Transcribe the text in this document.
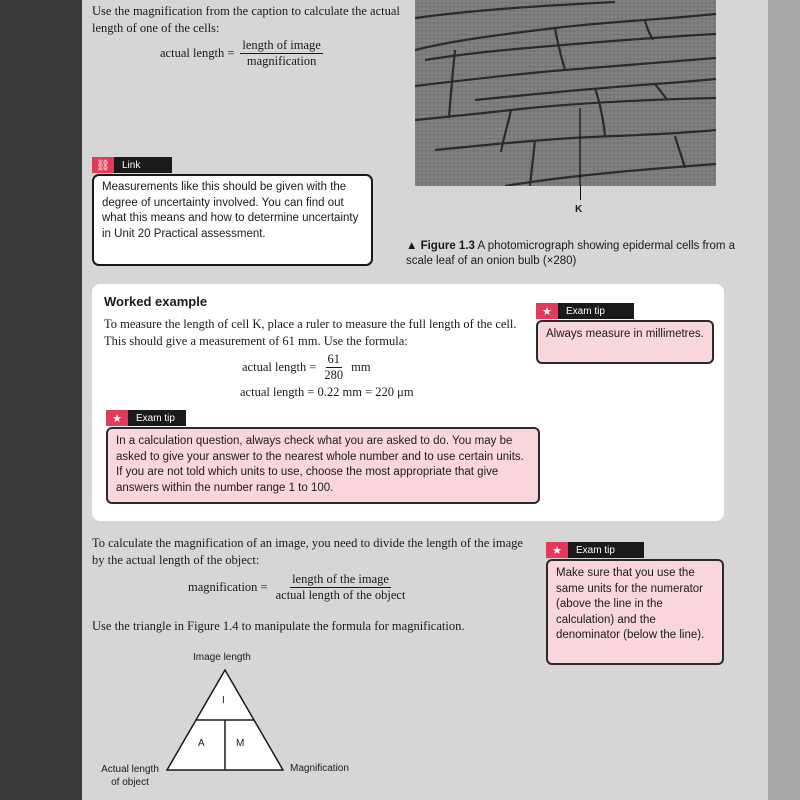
Use the magnification from the caption to calculate the actual length of one of the cells:
actual length = $\frac{\text{length of image}}{\text{magnification}}$
K
▲ Figure 1.3 A photomicrograph showing epidermal cells from a scale leaf of an onion bulb (×280)
⛓	Link
Measurements like this should be given with the degree of uncertainty involved. You can find out what this means and how to determine uncertainty in Unit 20 Practical assessment.
Worked example
To measure the length of cell K, place a ruler to measure the full length of the cell. This should give a measurement of 61 mm. Use the formula:
actual length = $\frac{61}{280}$ mm
actual length = 0.22 mm = 220 μm
★	Exam tip
In a calculation question, always check what you are asked to do. You may be asked to give your answer to the nearest whole number and to use certain units. If you are not told which units to use, choose the most appropriate that give answers within the number range 1 to 100.
★	Exam tip
Always measure in millimetres.
To calculate the magnification of an image, you need to divide the length of the image by the actual length of the object:
magnification = $\frac{\text{length of the image}}{\text{actual length of the object}}$
Use the triangle in Figure 1.4 to manipulate the formula for magnification.
★	Exam tip
Make sure that you use the same units for the numerator (above the line in the calculation) and the denominator (below the line).
Image length
I
A	M
Actual length
of object
Magnification
